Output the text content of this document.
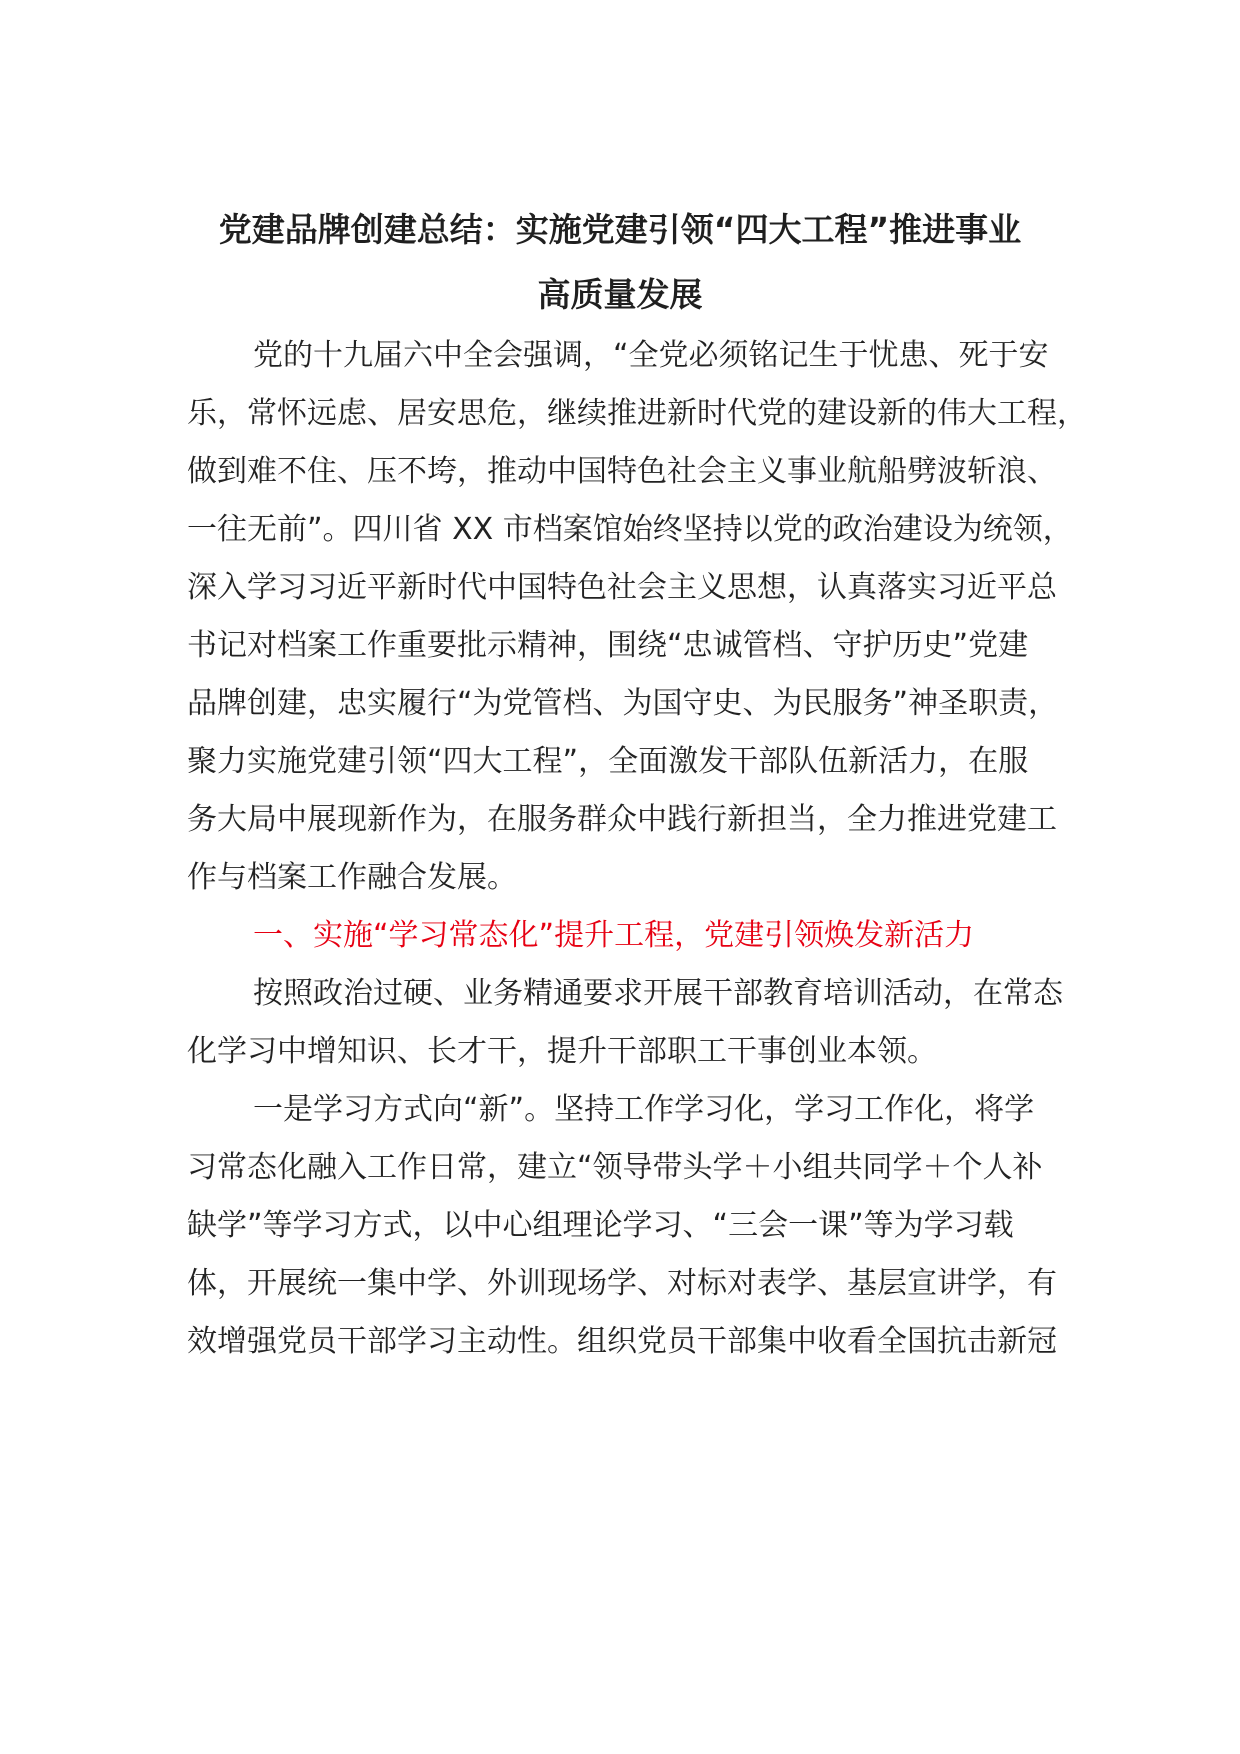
党建品牌创建总结：实施党建引领“四大工程”推进事业
高质量发展
党的十九届六中全会强调，“全党必须铭记生于忧患、死于安
乐，常怀远虑、居安思危，继续推进新时代党的建设新的伟大工程，
做到难不住、压不垮，推动中国特色社会主义事业航船劈波斩浪、
一往无前”。四川省 XX 市档案馆始终坚持以党的政治建设为统领，
深入学习习近平新时代中国特色社会主义思想，认真落实习近平总
书记对档案工作重要批示精神，围绕“忠诚管档、守护历史”党建
品牌创建，忠实履行“为党管档、为国守史、为民服务”神圣职责，
聚力实施党建引领“四大工程”，全面激发干部队伍新活力，在服
务大局中展现新作为，在服务群众中践行新担当，全力推进党建工
作与档案工作融合发展。
一、实施“学习常态化”提升工程，党建引领焕发新活力
按照政治过硬、业务精通要求开展干部教育培训活动，在常态
化学习中增知识、长才干，提升干部职工干事创业本领。
一是学习方式向“新”。坚持工作学习化，学习工作化，将学
习常态化融入工作日常，建立“领导带头学＋小组共同学＋个人补
缺学”等学习方式，以中心组理论学习、“三会一课”等为学习载
体，开展统一集中学、外训现场学、对标对表学、基层宣讲学，有
效增强党员干部学习主动性。组织党员干部集中收看全国抗击新冠
